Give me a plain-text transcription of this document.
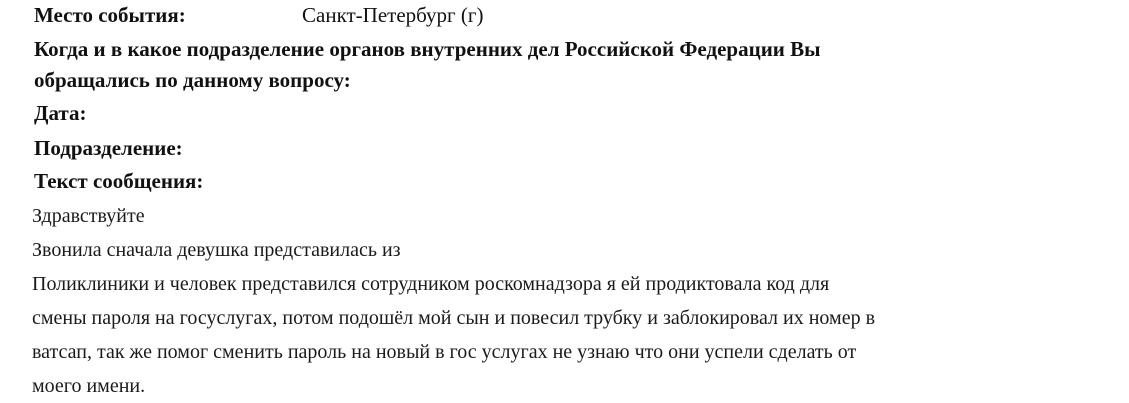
Место события:	Санкт-Петербург (г)
Когда и в какое подразделение органов внутренних дел Российской Федерации Вы
обращались по данному вопросу:
Дата:
Подразделение:
Текст сообщения:
Здравствуйте
Звонила сначала девушка представилась из
Поликлиники и человек представился сотрудником роскомнадзора я ей продиктовала код для
смены пароля на госуслугах, потом подошёл мой сын и повесил трубку и заблокировал их номер в
ватсап, так же помог сменить пароль на новый в гос услугах не узнаю что они успели сделать от
моего имени.
